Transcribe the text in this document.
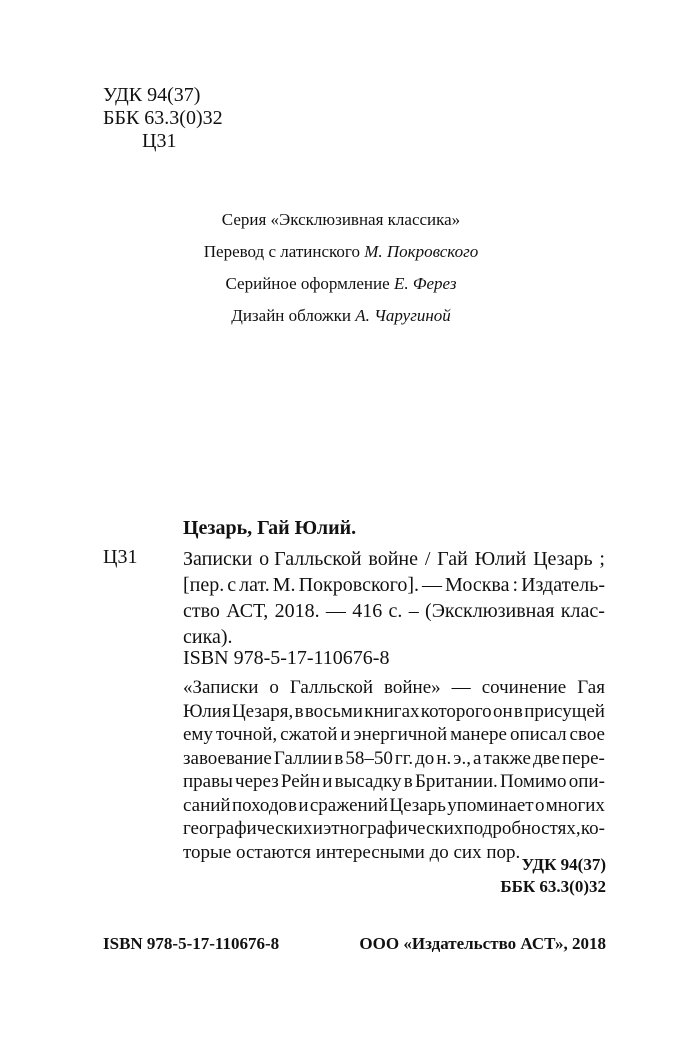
УДК 94(37)
ББК 63.3(0)32
Ц31
Серия «Эксклюзивная классика»
Перевод с латинского М. Покровского
Серийное оформление Е. Ферез
Дизайн обложки А. Чаругиной
Цезарь, Гай Юлий.
Ц31 Записки о Галльской войне / Гай Юлий Цезарь ;
[пер. с лат. М. Покровского]. — Москва : Издатель-
ство АСТ, 2018. — 416 с. – (Эксклюзивная клас-
сика).
ISBN 978-5-17-110676-8
«Записки о Галльской войне» — сочинение Гая
Юлия Цезаря, в восьми книгах которого он в присущей
ему точной, сжатой и энергичной манере описал свое
завоевание Галлии в 58–50 гг. до н. э., а также две пере-
правы через Рейн и высадку в Британии. Помимо опи-
саний походов и сражений Цезарь упоминает о многих
географических и этнографических подробностях, ко-
торые остаются интересными до сих пор.
УДК 94(37)
ББК 63.3(0)32
ISBN 978-5-17-110676-8	ООО «Издательство АСТ», 2018
